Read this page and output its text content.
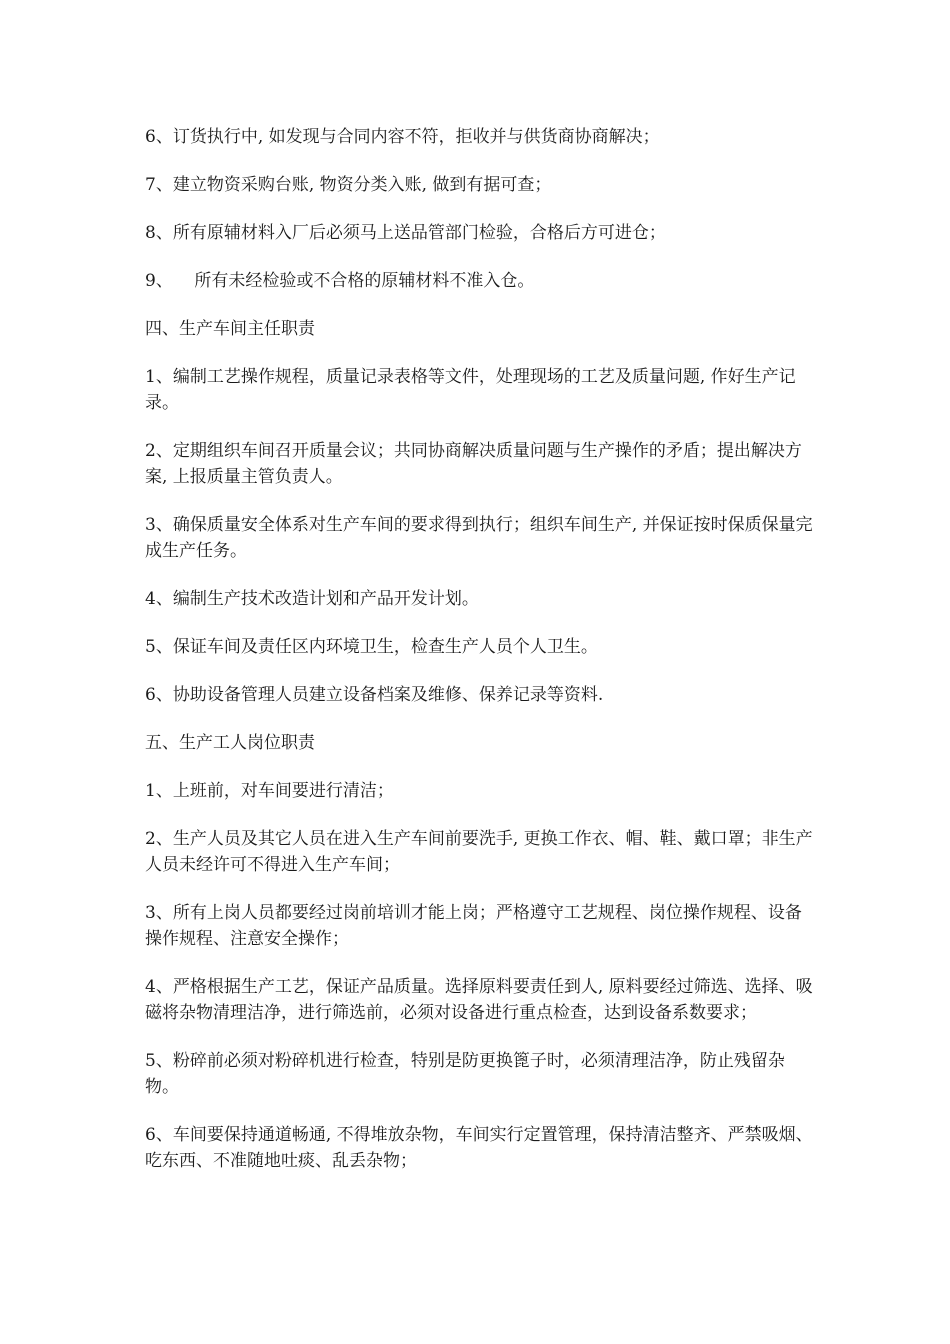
6、订货执行中, 如发现与合同内容不符，拒收并与供货商协商解决；

7、建立物资采购台账, 物资分类入账, 做到有据可查；

8、所有原辅材料入厂后必须马上送品管部门检验，合格后方可进仓；

9、    所有未经检验或不合格的原辅材料不准入仓。

四、生产车间主任职责

1、编制工艺操作规程，质量记录表格等文件，处理现场的工艺及质量问题, 作好生产记录。

2、定期组织车间召开质量会议；共同协商解决质量问题与生产操作的矛盾；提出解决方案, 上报质量主管负责人。

3、确保质量安全体系对生产车间的要求得到执行；组织车间生产, 并保证按时保质保量完成生产任务。

4、编制生产技术改造计划和产品开发计划。

5、保证车间及责任区内环境卫生，检查生产人员个人卫生。

6、协助设备管理人员建立设备档案及维修、保养记录等资料.

五、生产工人岗位职责

1、上班前，对车间要进行清洁；

2、生产人员及其它人员在进入生产车间前要洗手, 更换工作衣、帽、鞋、戴口罩；非生产人员未经许可不得进入生产车间；

3、所有上岗人员都要经过岗前培训才能上岗；严格遵守工艺规程、岗位操作规程、设备操作规程、注意安全操作；

4、严格根据生产工艺，保证产品质量。选择原料要责任到人, 原料要经过筛选、选择、吸磁将杂物清理洁净，进行筛选前，必须对设备进行重点检查，达到设备系数要求；

5、粉碎前必须对粉碎机进行检查，特别是防更换篦子时，必须清理洁净，防止残留杂物。

6、车间要保持通道畅通, 不得堆放杂物，车间实行定置管理，保持清洁整齐、严禁吸烟、吃东西、不准随地吐痰、乱丢杂物；
